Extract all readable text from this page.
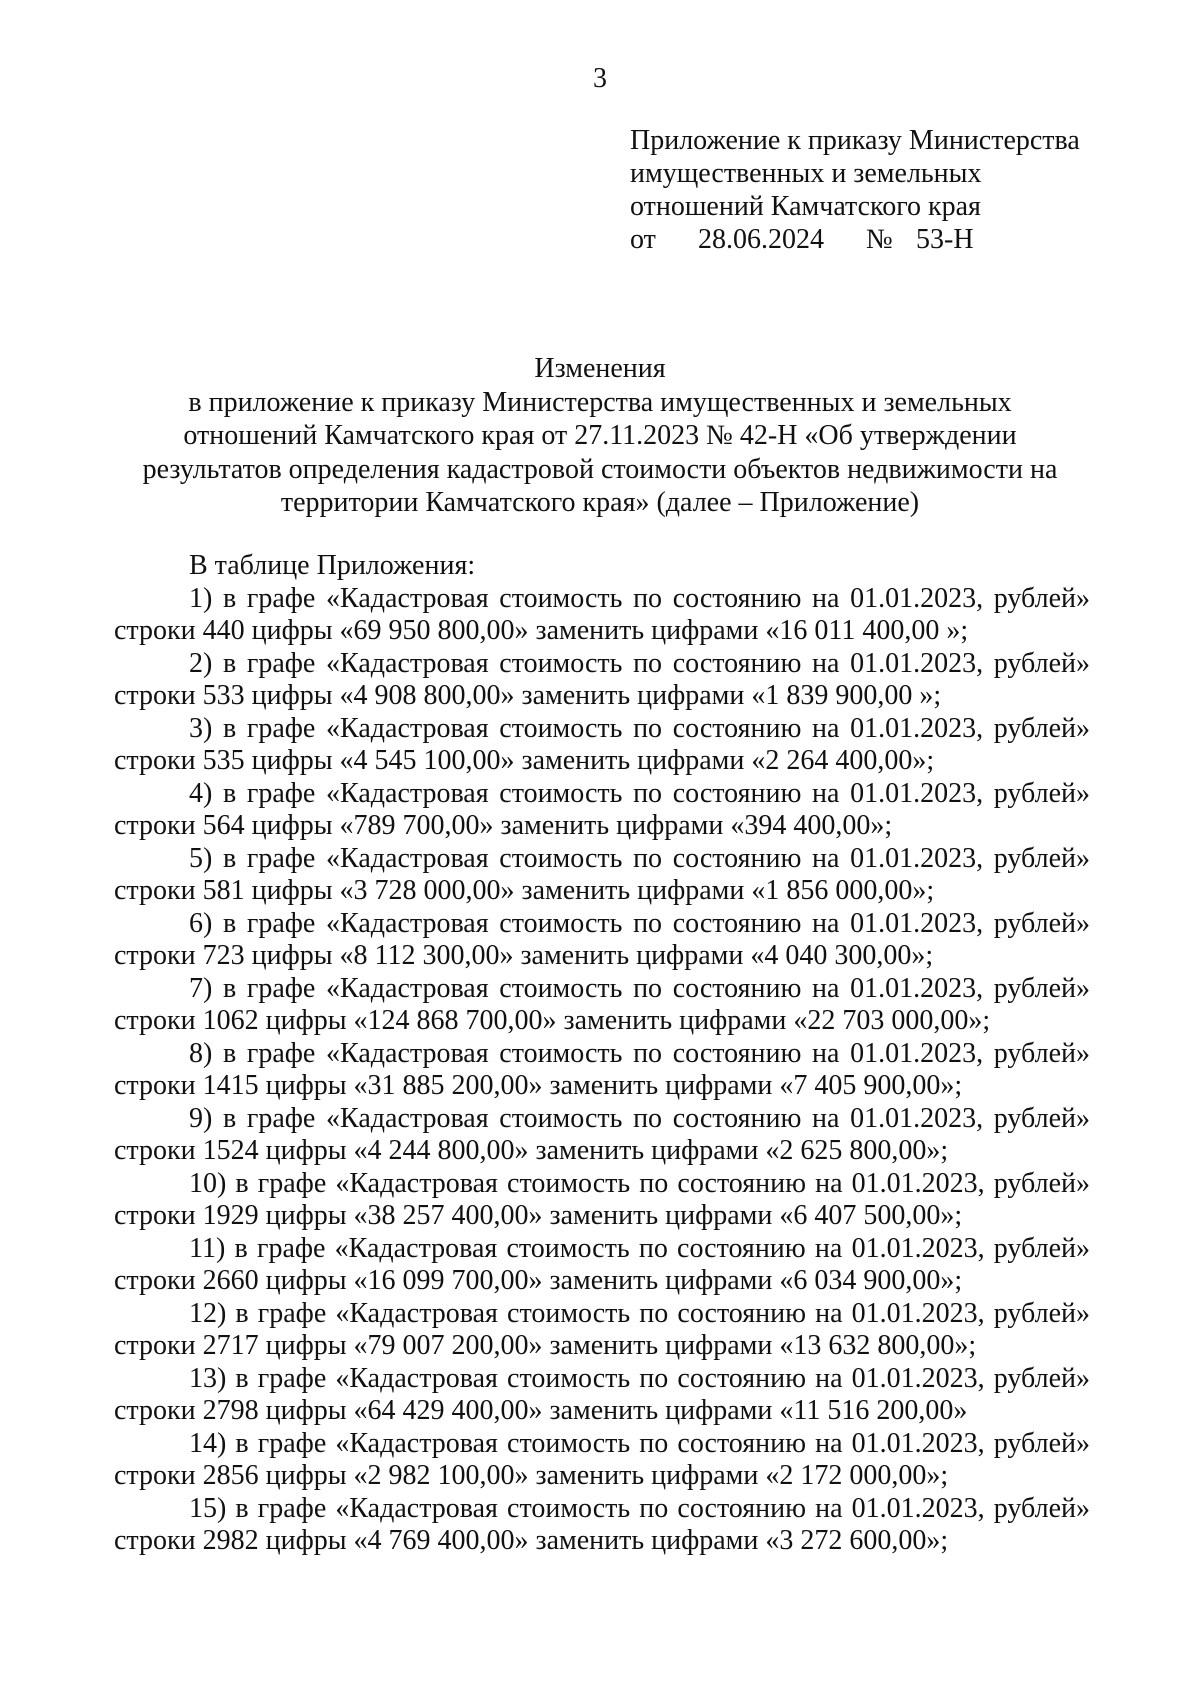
3
Приложение к приказу Министерства
имущественных и земельных
отношений Камчатского края
от 28.06.2024 № 53-Н
Изменения
в приложение к приказу Министерства имущественных и земельных
отношений Камчатского края от 27.11.2023 № 42-Н «Об утверждении
результатов определения кадастровой стоимости объектов недвижимости на
территории Камчатского края» (далее – Приложение)
В таблице Приложения:
1) в графе «Кадастровая стоимость по состоянию на 01.01.2023, рублей»
строки 440 цифры «69 950 800,00» заменить цифрами «16 011 400,00 »;
2) в графе «Кадастровая стоимость по состоянию на 01.01.2023, рублей»
строки 533 цифры «4 908 800,00» заменить цифрами «1 839 900,00 »;
3) в графе «Кадастровая стоимость по состоянию на 01.01.2023, рублей»
строки 535 цифры «4 545 100,00» заменить цифрами «2 264 400,00»;
4) в графе «Кадастровая стоимость по состоянию на 01.01.2023, рублей»
строки 564 цифры «789 700,00» заменить цифрами «394 400,00»;
5) в графе «Кадастровая стоимость по состоянию на 01.01.2023, рублей»
строки 581 цифры «3 728 000,00» заменить цифрами «1 856 000,00»;
6) в графе «Кадастровая стоимость по состоянию на 01.01.2023, рублей»
строки 723 цифры «8 112 300,00» заменить цифрами «4 040 300,00»;
7) в графе «Кадастровая стоимость по состоянию на 01.01.2023, рублей»
строки 1062 цифры «124 868 700,00» заменить цифрами «22 703 000,00»;
8) в графе «Кадастровая стоимость по состоянию на 01.01.2023, рублей»
строки 1415 цифры «31 885 200,00» заменить цифрами «7 405 900,00»;
9) в графе «Кадастровая стоимость по состоянию на 01.01.2023, рублей»
строки 1524 цифры «4 244 800,00» заменить цифрами «2 625 800,00»;
10) в графе «Кадастровая стоимость по состоянию на 01.01.2023, рублей»
строки 1929 цифры «38 257 400,00» заменить цифрами «6 407 500,00»;
11) в графе «Кадастровая стоимость по состоянию на 01.01.2023, рублей»
строки 2660 цифры «16 099 700,00» заменить цифрами «6 034 900,00»;
12) в графе «Кадастровая стоимость по состоянию на 01.01.2023, рублей»
строки 2717 цифры «79 007 200,00» заменить цифрами «13 632 800,00»;
13) в графе «Кадастровая стоимость по состоянию на 01.01.2023, рублей»
строки 2798 цифры «64 429 400,00» заменить цифрами «11 516 200,00»
14) в графе «Кадастровая стоимость по состоянию на 01.01.2023, рублей»
строки 2856 цифры «2 982 100,00» заменить цифрами «2 172 000,00»;
15) в графе «Кадастровая стоимость по состоянию на 01.01.2023, рублей»
строки 2982 цифры «4 769 400,00» заменить цифрами «3 272 600,00»;
